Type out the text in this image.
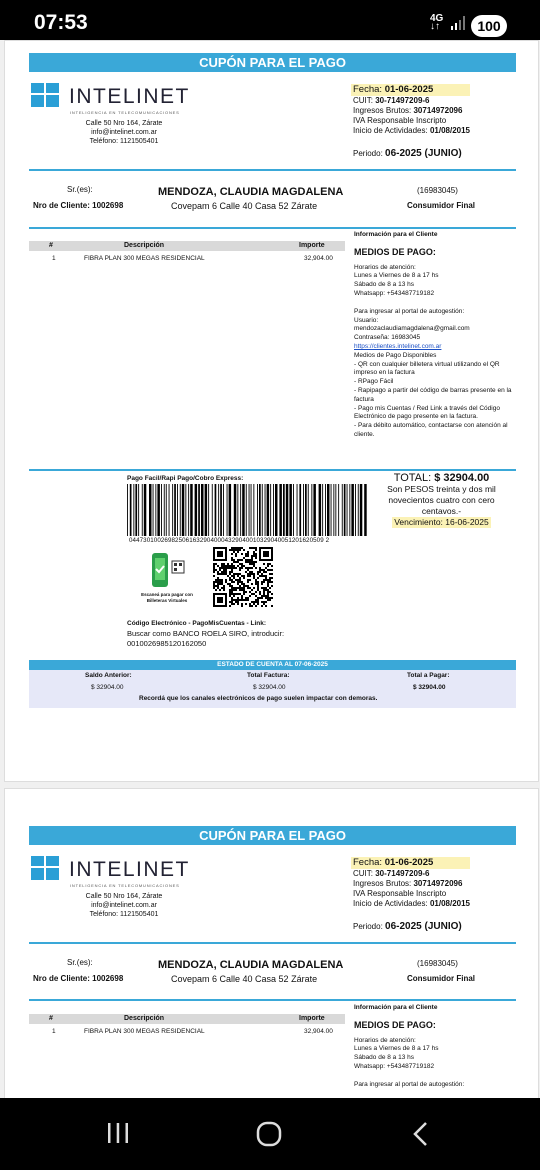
07:53	4G
↓↑	100
CUPÓN PARA EL PAGO
INTELINET
INTELIGENCIA EN TELECOMUNICACIONES
Calle 50 Nro 164, Zárate
info@intelinet.com.ar
Teléfono: 1121505401
Fecha: 01-06-2025
CUIT: 30-71497209-6
Ingresos Brutos: 30714972096
IVA Responsable Inscripto
Inicio de Actividades: 01/08/2015
Periodo: 06-2025 (JUNIO)
Sr.(es):	MENDOZA, CLAUDIA MAGDALENA	(16983045)
Nro de Cliente: 1002698	Covepam 6 Calle 40 Casa 52 Zárate	Consumidor Final
#	Descripción	Importe
1	FIBRA PLAN 300 MEGAS RESIDENCIAL	32,904.00
Información para el Cliente
MEDIOS DE PAGO:
Horarios de atención:
Lunes a Viernes de 8 a 17 hs
Sábado de 8 a 13 hs
Whatsapp: +543487719182
Para ingresar al portal de autogestión:
Usuario:
mendozaclaudiamagdalena@gmail.com
Contraseña: 16983045
https://clientes.intelinet.com.ar
Medios de Pago Disponibles
- QR con cualquier billetera virtual utilizando el QR impreso en la factura
- RPago Fácil
- Rapipago a partir del código de barras presente en la factura
- Pago mis Cuentas / Red Link a través del Código Electrónico de pago presente en la factura.
- Para débito automático, contactarse con atención al cliente.
Pago Facil/Rapi Pago/Cobro Express:
0447301002698250616329040004329040010329040051201620509 2
TOTAL: $ 32904.00
Son PESOS treinta y dos mil novecientos cuatro con cero centavos.-
Vencimiento: 16-06-2025
Escaneá para pagar con Billeteras Virtuales
Código Electrónico - PagoMisCuentas - Link:
Buscar como BANCO ROELA SIRO, introducir:
0010026985120162050
ESTADO DE CUENTA AL 07-06-2025
Saldo Anterior:
$ 32904.00
Total Factura:
$ 32904.00
Total a Pagar:
$ 32904.00
Recordá que los canales electrónicos de pago suelen impactar con demoras.
CUPÓN PARA EL PAGO
INTELINET
INTELIGENCIA EN TELECOMUNICACIONES
Calle 50 Nro 164, Zárate
info@intelinet.com.ar
Teléfono: 1121505401
Fecha: 01-06-2025
CUIT: 30-71497209-6
Ingresos Brutos: 30714972096
IVA Responsable Inscripto
Inicio de Actividades: 01/08/2015
Periodo: 06-2025 (JUNIO)
Sr.(es):	MENDOZA, CLAUDIA MAGDALENA	(16983045)
Nro de Cliente: 1002698	Covepam 6 Calle 40 Casa 52 Zárate	Consumidor Final
#	Descripción	Importe
1	FIBRA PLAN 300 MEGAS RESIDENCIAL	32,904.00
Información para el Cliente
MEDIOS DE PAGO:
Horarios de atención:
Lunes a Viernes de 8 a 17 hs
Sábado de 8 a 13 hs
Whatsapp: +543487719182
Para ingresar al portal de autogestión:
